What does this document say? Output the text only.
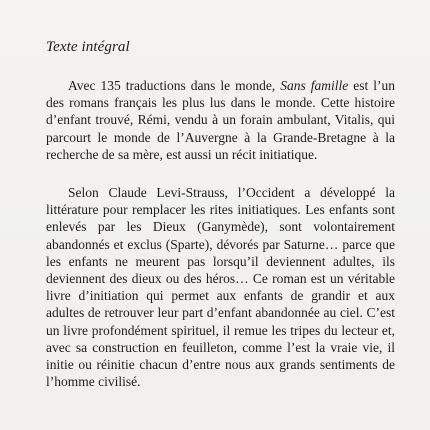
Texte intégral

Avec 135 traductions dans le monde, Sans famille est l’un des romans français les plus lus dans le monde. Cette histoire d’enfant trouvé, Rémi, vendu à un forain ambulant, Vitalis, qui parcourt le monde de l’Auvergne à la Grande-Bretagne à la recherche de sa mère, est aussi un récit initiatique.

Selon Claude Levi-Strauss, l’Occident a développé la littérature pour remplacer les rites initiatiques. Les enfants sont enlevés par les Dieux (Ganymède), sont volontairement abandonnés et exclus (Sparte), dévorés par Saturne… parce que les enfants ne meurent pas lorsqu’il deviennent adultes, ils deviennent des dieux ou des héros… Ce roman est un véritable livre d’initiation qui permet aux enfants de grandir et aux adultes de retrouver leur part d’enfant abandonnée au ciel. C’est un livre profondément spirituel, il remue les tripes du lecteur et, avec sa construction en feuilleton, comme l’est la vraie vie, il initie ou réinitie chacun d’entre nous aux grands sentiments de l’homme civilisé.
